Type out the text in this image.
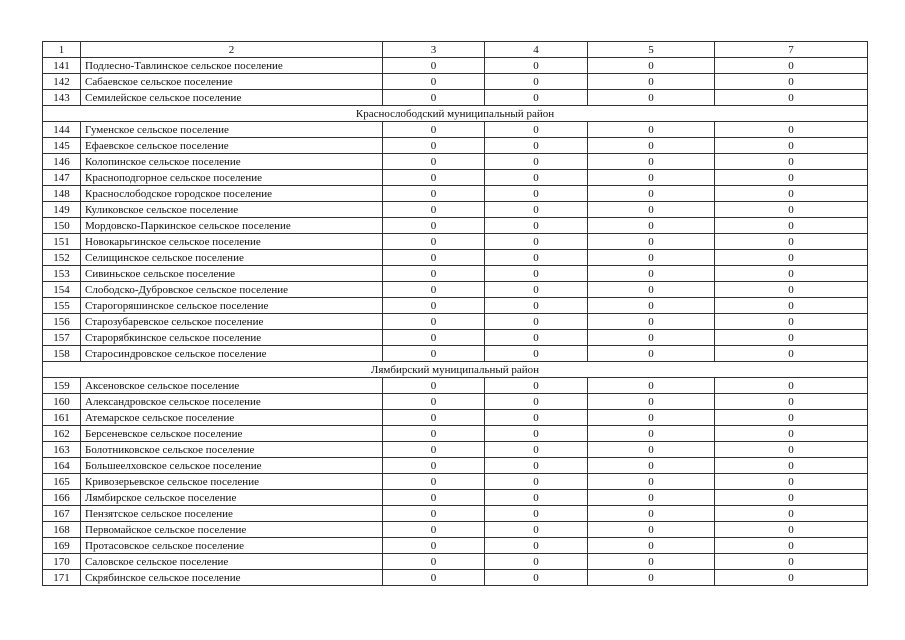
1	2	3	4	5	7
141	Подлесно-Тавлинское сельское поселение	0	0	0	0
142	Сабаевское сельское поселение	0	0	0	0
143	Семилейское сельское поселение	0	0	0	0
Краснослободский муниципальный район					
144	Гуменское сельское поселение	0	0	0	0
145	Ефаевское сельское поселение	0	0	0	0
146	Колопинское сельское поселение	0	0	0	0
147	Красноподгорное сельское поселение	0	0	0	0
148	Краснослободское городское поселение	0	0	0	0
149	Куликовское сельское поселение	0	0	0	0
150	Мордовско-Паркинское сельское поселение	0	0	0	0
151	Новокарьгинское сельское поселение	0	0	0	0
152	Селищинское сельское поселение	0	0	0	0
153	Сивиньское сельское поселение	0	0	0	0
154	Слободско-Дубровское сельское поселение	0	0	0	0
155	Старогоряшинское сельское поселение	0	0	0	0
156	Старозубаревское сельское поселение	0	0	0	0
157	Старорябкинское сельское поселение	0	0	0	0
158	Старосиндровское сельское поселение	0	0	0	0
Лямбирский муниципальный район					
159	Аксеновское сельское поселение	0	0	0	0
160	Александровское сельское поселение	0	0	0	0
161	Атемарское сельское поселение	0	0	0	0
162	Берсеневское сельское поселение	0	0	0	0
163	Болотниковское сельское поселение	0	0	0	0
164	Большеелховское сельское поселение	0	0	0	0
165	Кривозерьевское сельское поселение	0	0	0	0
166	Лямбирское сельское поселение	0	0	0	0
167	Пензятское сельское поселение	0	0	0	0
168	Первомайское сельское поселение	0	0	0	0
169	Протасовское сельское поселение	0	0	0	0
170	Саловское сельское поселение	0	0	0	0
171	Скрябинское сельское поселение	0	0	0	0
